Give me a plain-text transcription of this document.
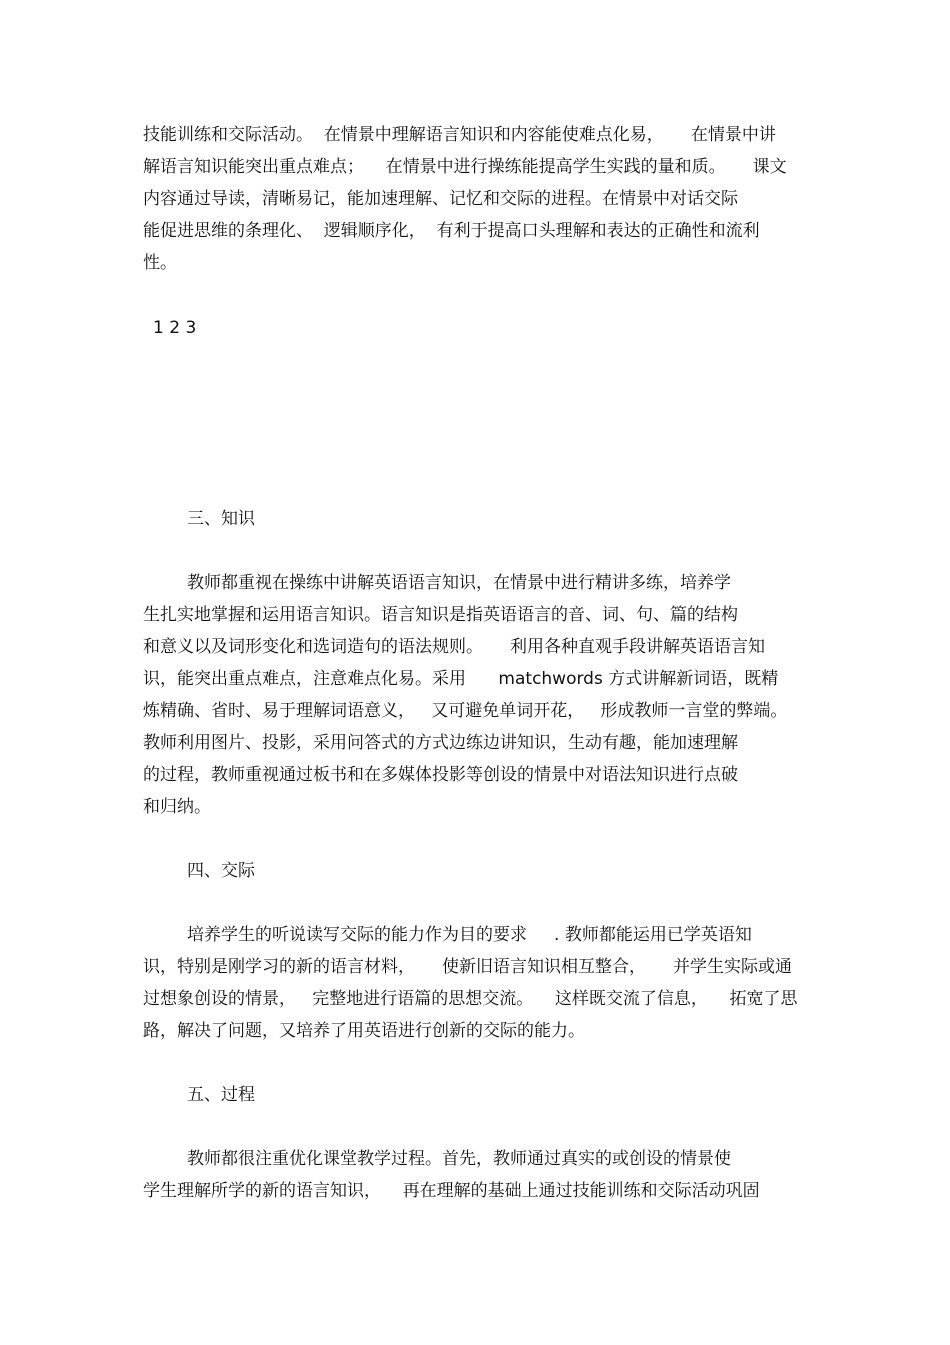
技能训练和交际活动。  在情景中理解语言知识和内容能使难点化易，     在情景中讲
解语言知识能突出重点难点；    在情景中进行操练能提高学生实践的量和质。     课文
内容通过导读，清晰易记，能加速理解、记忆和交际的进程。在情景中对话交际
能促进思维的条理化、  逻辑顺序化，  有利于提高口头理解和表达的正确性和流利
性。
1 2 3
三、知识
教师都重视在操练中讲解英语语言知识，在情景中进行精讲多练，培养学
生扎实地掌握和运用语言知识。语言知识是指英语语言的音、词、句、篇的结构
和意义以及词形变化和选词造句的语法规则。     利用各种直观手段讲解英语语言知
识，能突出重点难点，注意难点化易。采用      matchwords 方式讲解新词语，既精
炼精确、省时、易于理解词语意义，   又可避免单词开花，   形成教师一言堂的弊端。
教师利用图片、投影，采用问答式的方式边练边讲知识，生动有趣，能加速理解
的过程，教师重视通过板书和在多媒体投影等创设的情景中对语法知识进行点破
和归纳。
四、交际
培养学生的听说读写交际的能力作为目的要求     . 教师都能运用已学英语知
识，特别是刚学习的新的语言材料，     使新旧语言知识相互整合，     并学生实际或通
过想象创设的情景，   完整地进行语篇的思想交流。    这样既交流了信息，    拓宽了思
路，解决了问题，又培养了用英语进行创新的交际的能力。
五、过程
教师都很注重优化课堂教学过程。首先，教师通过真实的或创设的情景使
学生理解所学的新的语言知识，    再在理解的基础上通过技能训练和交际活动巩固
